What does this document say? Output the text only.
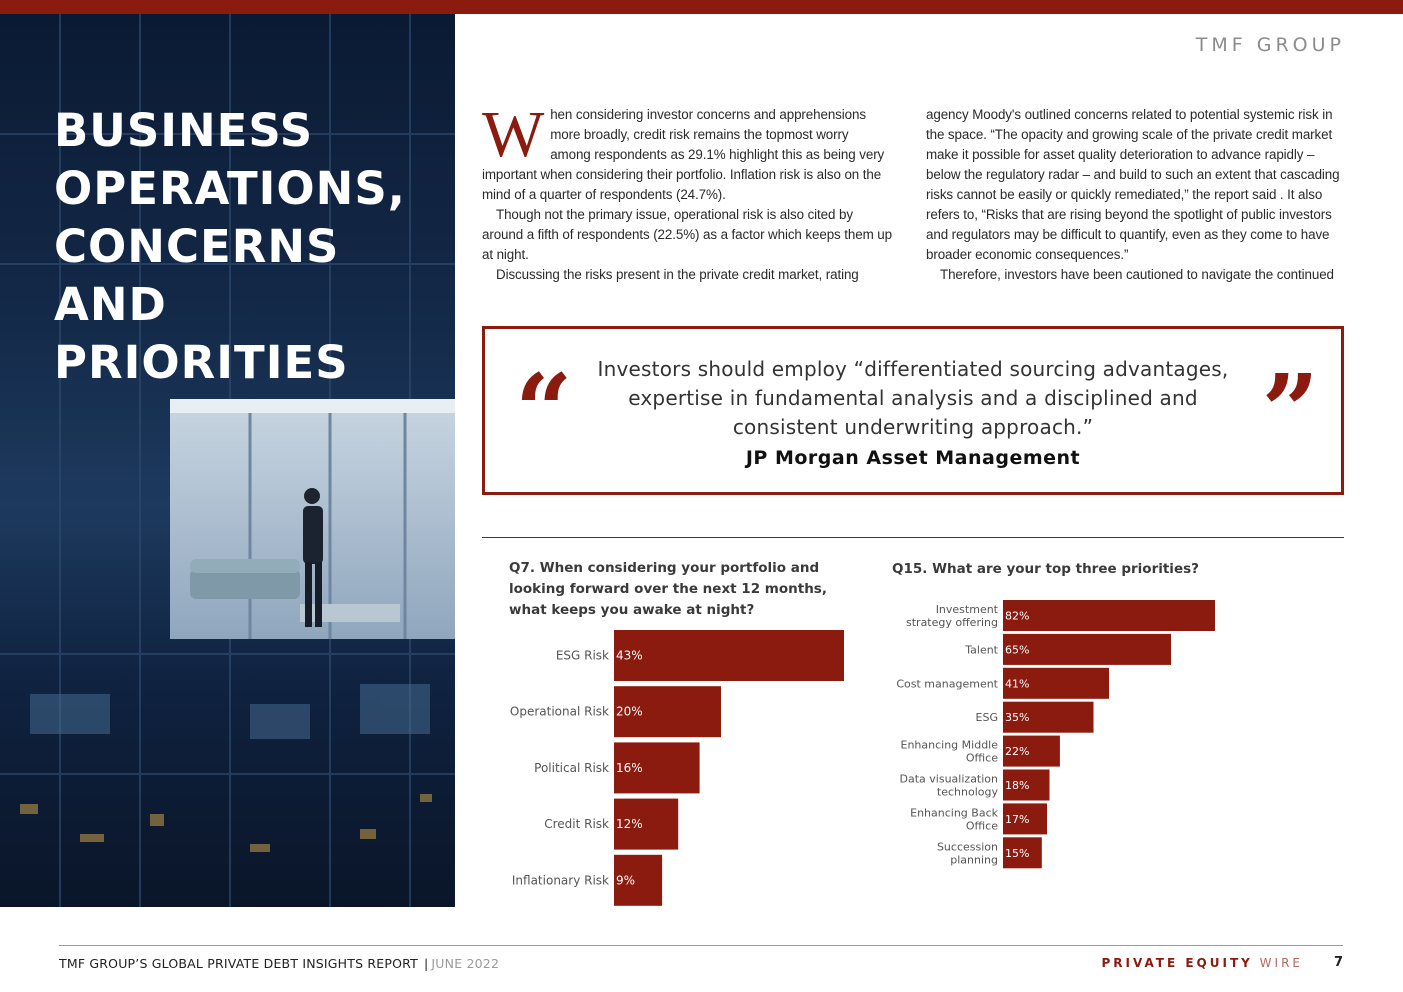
BUSINESS
OPERATIONS,
CONCERNS
AND
PRIORITIES
TMF GROUP

When considering investor concerns and apprehensions more broadly, credit risk remains the topmost worry among respondents as 29.1% highlight this as being very important when considering their portfolio. Inflation risk is also on the mind of a quarter of respondents (24.7%).

Though not the primary issue, operational risk is also cited by around a fifth of respondents (22.5%) as a factor which keeps them up at night.

Discussing the risks present in the private credit market, rating

agency Moody's outlined concerns related to potential systemic risk in the space. “The opacity and growing scale of the private credit market make it possible for asset quality deterioration to advance rapidly – below the regulatory radar – and build to such an extent that cascading risks cannot be easily or quickly remediated,” the report said . It also refers to, “Risks that are rising beyond the spotlight of public investors and regulators may be difficult to quantify, even as they come to have broader economic consequences.”

Therefore, investors have been cautioned to navigate the continued

“	Investors should employ “differentiated sourcing advantages, expertise in fundamental analysis and a disciplined and consistent underwriting approach.”

JP Morgan Asset Management	”

Q7. When considering your portfolio and looking forward over the next 12 months, what keeps you awake at night?

Q15. What are your top three priorities?

43%
ESG Risk
20%
Operational Risk
16%
Political Risk
12%
Credit Risk
9%
Inflationary Risk
82%
Investment
strategy offering
65%
Talent
41%
Cost management
35%
ESG
22%
Enhancing Middle
Office
18%
Data visualization
technology
17%
Enhancing Back
Office
15%
Succession
planning
TMF GROUP’S GLOBAL PRIVATE DEBT INSIGHTS REPORT | JUNE 2022	PRIVATE EQUITY WIRE 7
